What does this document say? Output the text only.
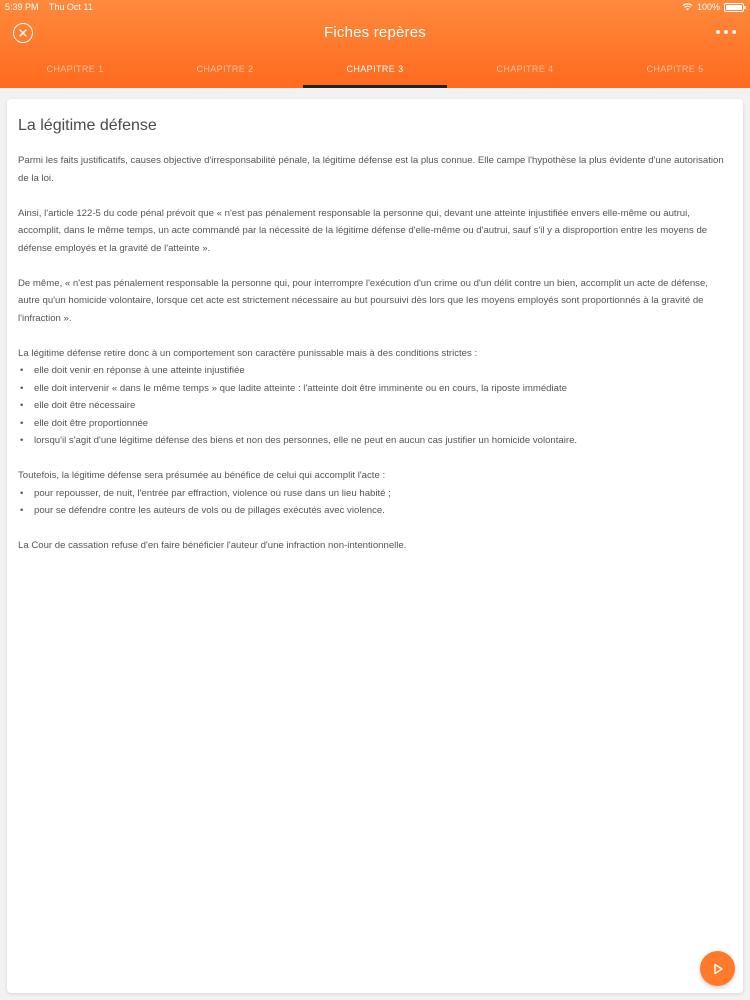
5:39 PM Thu Oct 11	100%
Fiches repères
CHAPITRE 1	CHAPITRE 2	CHAPITRE 3	CHAPITRE 4	CHAPITRE 5
La légitime défense

Parmi les faits justificatifs, causes objective d'irresponsabilité pénale, la légitime défense est la plus connue. Elle campe l'hypothèse la plus évidente d'une autorisation de la loi.

Ainsi, l'article 122-5 du code pénal prévoit que « n'est pas pénalement responsable la personne qui, devant une atteinte injustifiée envers elle-même ou autrui, accomplit, dans le même temps, un acte commandé par la nécessité de la légitime défense d'elle-même ou d'autrui, sauf s'il y a disproportion entre les moyens de défense employés et la gravité de l'atteinte ».

De même, « n'est pas pénalement responsable la personne qui, pour interrompre l'exécution d'un crime ou d'un délit contre un bien, accomplit un acte de défense, autre qu'un homicide volontaire, lorsque cet acte est strictement nécessaire au but poursuivi dès lors que les moyens employés sont proportionnés à la gravité de l'infraction ».

La légitime défense retire donc à un comportement son caractère punissable mais à des conditions strictes :

• elle doit venir en réponse à une atteinte injustifiée
• elle doit intervenir « dans le même temps » que ladite atteinte : l'atteinte doit être imminente ou en cours, la riposte immédiate
• elle doit être nécessaire
• elle doit être proportionnée
• lorsqu'il s'agit d'une légitime défense des biens et non des personnes, elle ne peut en aucun cas justifier un homicide volontaire.

Toutefois, la légitime défense sera présumée au bénéfice de celui qui accomplit l'acte :

• pour repousser, de nuit, l'entrée par effraction, violence ou ruse dans un lieu habité ;
• pour se défendre contre les auteurs de vols ou de pillages exécutés avec violence.

La Cour de cassation refuse d'en faire bénéficier l'auteur d'une infraction non-intentionnelle.
